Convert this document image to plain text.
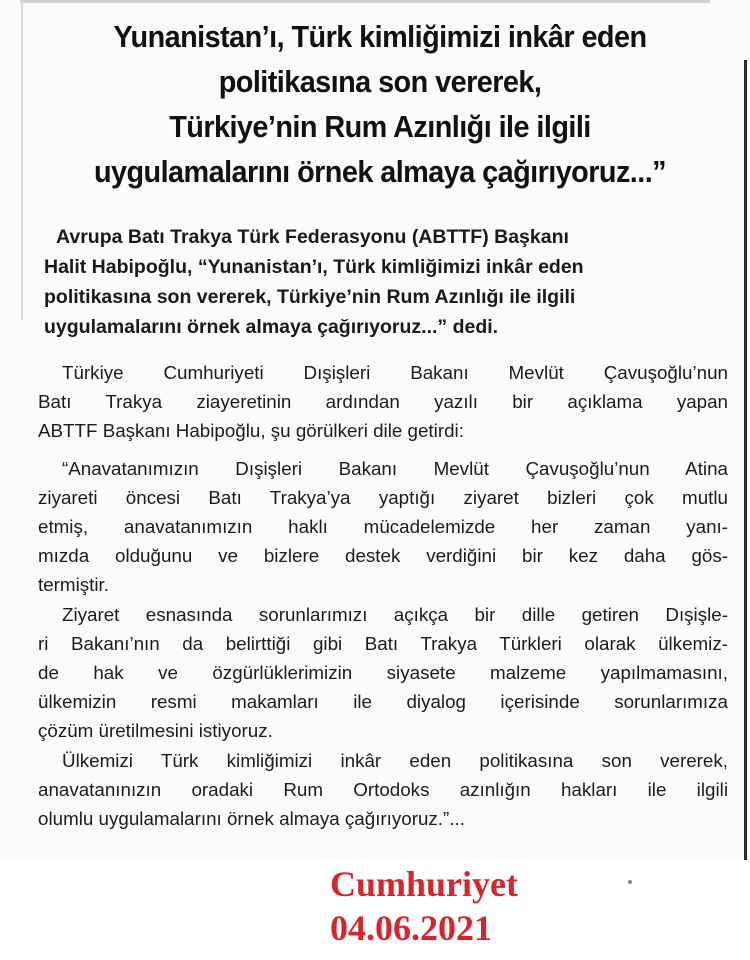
Yunanistan’ı, Türk kimliğimizi inkâr eden
politikasına son vererek,
Türkiye’nin Rum Azınlığı ile ilgili
uygulamalarını örnek almaya çağırıyoruz...”
Avrupa Batı Trakya Türk Federasyonu (ABTTF) Başkanı
Halit Habipoğlu, “Yunanistan’ı, Türk kimliğimizi inkâr eden
politikasına son vererek, Türkiye’nin Rum Azınlığı ile ilgili
uygulamalarını örnek almaya çağırıyoruz...” dedi.
Türkiye Cumhuriyeti Dışişleri Bakanı Mevlüt Çavuşoğlu’nun
Batı Trakya ziayeretinin ardından yazılı bir açıklama yapan
ABTTF Başkanı Habipoğlu, şu görülkeri dile getirdi:
“Anavatanımızın Dışişleri Bakanı Mevlüt Çavuşoğlu’nun Atina
ziyareti öncesi Batı Trakya’ya yaptığı ziyaret bizleri çok mutlu
etmiş, anavatanımızın haklı mücadelemizde her zaman yanı-
mızda olduğunu ve bizlere destek verdiğini bir kez daha gös-
termiştir.
Ziyaret esnasında sorunlarımızı açıkça bir dille getiren Dışişle-
ri Bakanı’nın da belirttiği gibi Batı Trakya Türkleri olarak ülkemiz-
de hak ve özgürlüklerimizin siyasete malzeme yapılmamasını,
ülkemizin resmi makamları ile diyalog içerisinde sorunlarımıza
çözüm üretilmesini istiyoruz.
Ülkemizi Türk kimliğimizi inkâr eden politikasına son vererek,
anavatanınızın oradaki Rum Ortodoks azınlığın hakları ile ilgili
olumlu uygulamalarını örnek almaya çağırıyoruz.”...
Cumhuriyet
04.06.2021
